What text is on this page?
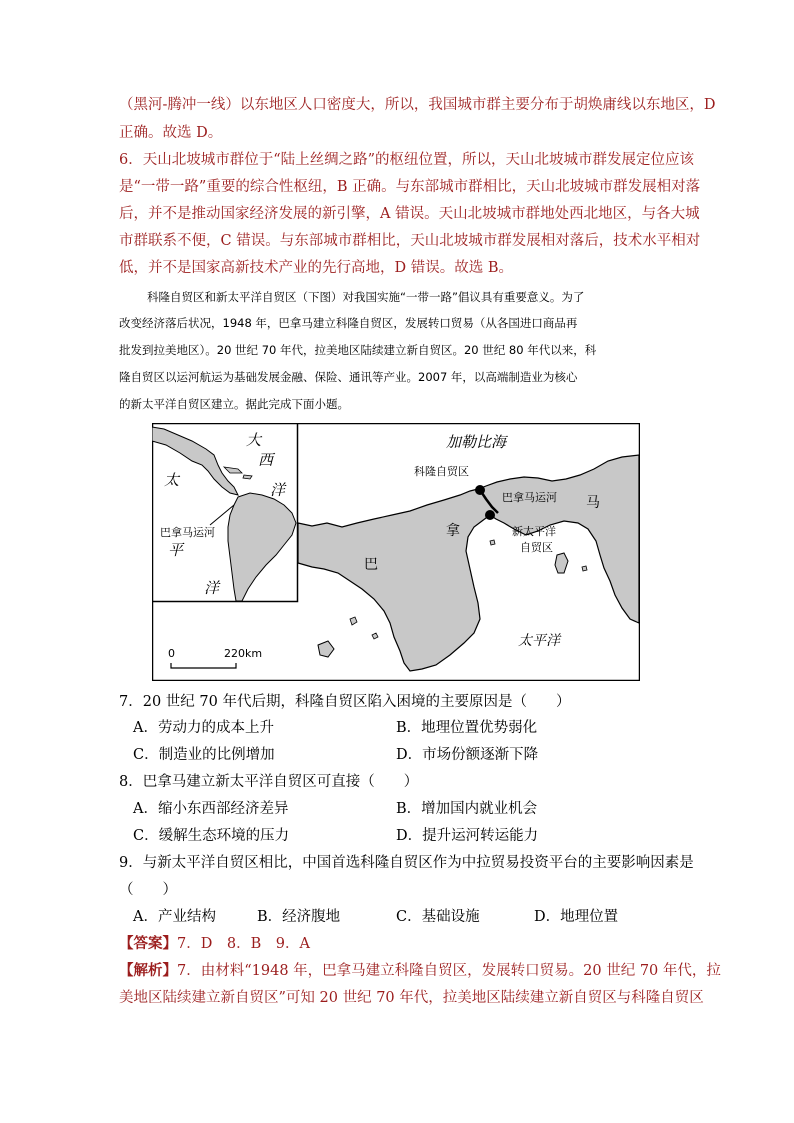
（黑河-腾冲一线）以东地区人口密度大，所以，我国城市群主要分布于胡焕庸线以东地区，D
正确。故选 D。
6．天山北坡城市群位于“陆上丝绸之路”的枢纽位置，所以，天山北坡城市群发展定位应该
是“一带一路”重要的综合性枢纽，B 正确。与东部城市群相比，天山北坡城市群发展相对落
后，并不是推动国家经济发展的新引擎，A 错误。天山北坡城市群地处西北地区，与各大城
市群联系不便，C 错误。与东部城市群相比，天山北坡城市群发展相对落后，技术水平相对
低，并不是国家高新技术产业的先行高地，D 错误。故选 B。
科隆自贸区和新太平洋自贸区（下图）对我国实施“一带一路”倡议具有重要意义。为了
改变经济落后状况，1948 年，巴拿马建立科隆自贸区，发展转口贸易（从各国进口商品再
批发到拉美地区）。20 世纪 70 年代，拉美地区陆续建立新自贸区。20 世纪 80 年代以来，科
隆自贸区以运河航运为基础发展金融、保险、通讯等产业。2007 年，以高端制造业为核心
的新太平洋自贸区建立。据此完成下面小题。
加勒比海
科隆自贸区
巴拿马运河
新太平洋
自贸区
巴
拿
马
太平洋
0	220km
大
西
洋
太
巴拿马运河
平
洋
7．20 世纪 70 年代后期，科隆自贸区陷入困境的主要原因是（　　）
A．劳动力的成本上升	B．地理位置优势弱化
C．制造业的比例增加	D．市场份额逐渐下降
8．巴拿马建立新太平洋自贸区可直接（　　）
A．缩小东西部经济差异	B．增加国内就业机会
C．缓解生态环境的压力	D．提升运河转运能力
9．与新太平洋自贸区相比，中国首选科隆自贸区作为中拉贸易投资平台的主要影响因素是
（　　）
A．产业结构	B．经济腹地	C．基础设施	D．地理位置
【答案】7．D　8．B　9．A
【解析】7．由材料“1948 年，巴拿马建立科隆自贸区，发展转口贸易。20 世纪 70 年代，拉
美地区陆续建立新自贸区”可知 20 世纪 70 年代，拉美地区陆续建立新自贸区与科隆自贸区
